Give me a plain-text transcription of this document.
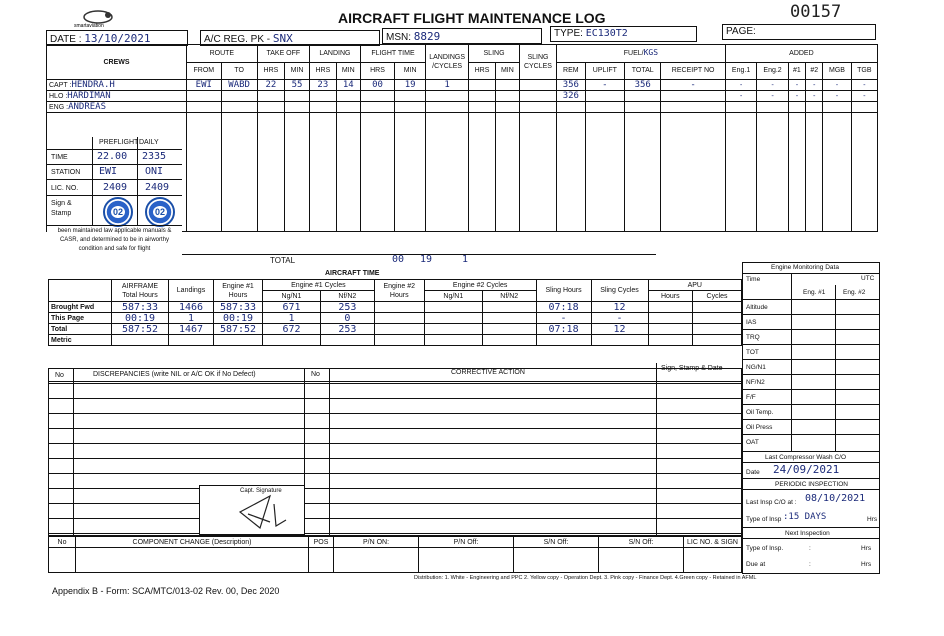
smartaviation	AIRCRAFT FLIGHT MAINTENANCE LOG	00157
DATE : 13/10/2021	A/C REG. PK - SNX	MSN: 8829	TYPE: EC130T2	PAGE:
CREWS	ROUTE		TAKE OFF		LANDING		FLIGHT TIME		LANDINGS /CYCLES	SLING		SLING CYCLES	FUEL/KGS				ADDED					
	FROM	TO	HRS	MIN	HRS	MIN	HRS	MIN		HRS	MIN		REM	UPLIFT	TOTAL	RECEIPT NO	Eng.1	Eng.2	#1	#2	MGB	TGB
CAPT :HENDRA.H	EWI	WABD	22	55	23	14	00	19	1				356	-	356	-	-	-	-	-	-	-
HLO :HARDIMAN													326				-	-	-	-	-	-
ENG :ANDREAS																						

PREFLIGHT DAILY
TIME	22.00 2335
STATION EWI	ONI
LIC. NO. 2409 2409
Sign & Stamp	02	02
been maintained law applicable manuals & CASR, and determined to be in airworthy condition and safe for flight
TOTAL	00 19	1
AIRCRAFT TIME
	AIRFRAME Total Hours	Landings	Engine #1 Hours	Engine #1 Cycles		Engine #2 Hours	Engine #2 Cycles		Sling Hours	Sling Cycles	APU	
				Ng/N1	Nf/N2		Ng/N1	Nf/N2			Hours	Cycles
Brought Fwd	587:33	1466	587:33	671	253				07:18	12		
This Page	00:19	1	00:19	1	0				-	-		
Total	587:52	1467	587:52	672	253				07:18	12		
Metric												
No	DISCREPANCIES (write NIL or A/C OK if No Defect)	No	CORRECTIVE ACTION
Sign, Stamp & Date
Capt. Signature
No	COMPONENT CHANGE (Description)	POS	P/N ON:	P/N Off:	S/N Off:	S/N Off:	LIC NO. & SIGN

Engine Monitoring Data
Time	UTC
Eng. #1	Eng. #2
Altitude
IAS
TRQ
TOT
NG/N1
NF/N2
F/F
Oil Temp.
Oil Press
OAT
Last Compressor Wash C/O
Date 24/09/2021
PERIODIC INSPECTION
Last Insp C/O at : 08/10/2021
Type of Insp :15 DAYS	Hrs
Next Inspection
Type of Insp.	:	Hrs
Due at	:	Hrs
Distribution: 1. White - Engineering and PPC 2. Yellow copy - Operation Dept. 3. Pink copy - Finance Dept. 4.Green copy - Retained in AFML
Appendix B - Form: SCA/MTC/013-02 Rev. 00, Dec 2020
